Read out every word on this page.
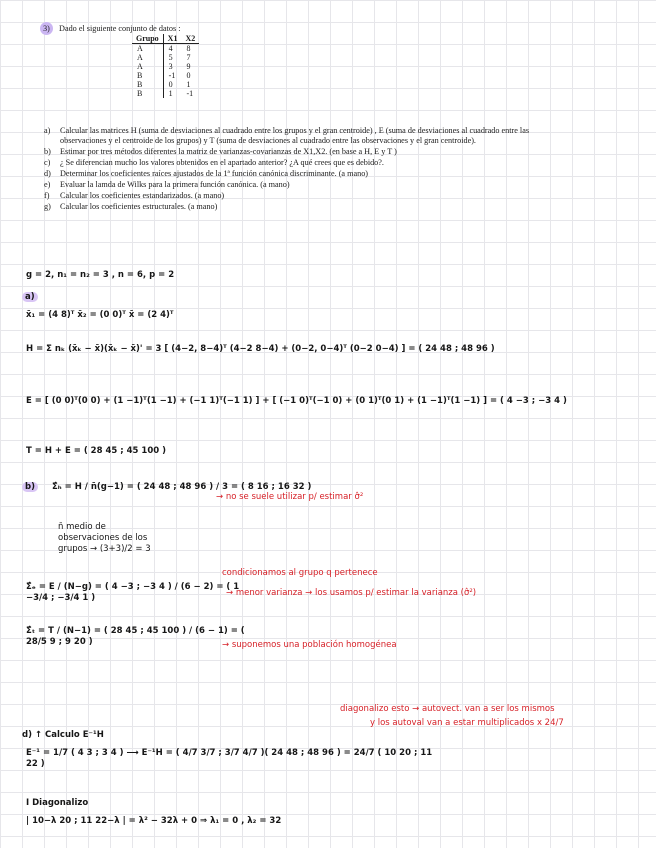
3) Dado el siguiente conjunto de datos :
Grupo	X1	X2
A	4	8
A	5	7
A	3	9
B	-1	0
B	0	1
B	1	-1
a)	Calcular las matrices H (suma de desviaciones al cuadrado entre los grupos y el gran centroide) , E (suma de desviaciones al cuadrado entre las observaciones y el centroide de los grupos) y T (suma de desviaciones al cuadrado entre las observaciones y el gran centroide).
b)	Estimar por tres métodos diferentes la matriz de varianzas-covarianzas de X1,X2. (en base a H, E y T )
c)	¿ Se diferencian mucho los valores obtenidos en el apartado anterior? ¿A qué crees que es debido?.
d)	Determinar los coeficientes raíces ajustados de la 1ª función canónica discriminante. (a mano)
e)	Evaluar la lamda de Wilks para la primera función canónica. (a mano)
f)	Calcular los coeficientes estandarizados. (a mano)
g)	Calcular los coeficientes estructurales. (a mano)
g = 2, n₁ = n₂ = 3 , n = 6, p = 2
a)
x̄₁ = (4 8)ᵀ x̄₂ = (0 0)ᵀ x̄ = (2 4)ᵀ
H = Σ nₖ (x̄ₖ − x̄)(x̄ₖ − x̄)' = 3 [ (4−2, 8−4)ᵀ (4−2 8−4) + (0−2, 0−4)ᵀ (0−2 0−4) ] = ( 24 48 ; 48 96 )
E = [ (0 0)ᵀ(0 0) + (1 −1)ᵀ(1 −1) + (−1 1)ᵀ(−1 1) ] + [ (−1 0)ᵀ(−1 0) + (0 1)ᵀ(0 1) + (1 −1)ᵀ(1 −1) ] = ( 4 −3 ; −3 4 )
T = H + E = ( 28 45 ; 45 100 )
b)	Σ̂ₕ = H / n̄(g−1) = ( 24 48 ; 48 96 ) / 3 = ( 8 16 ; 16 32 )
→ no se suele utilizar p/ estimar σ̂²
n̄ medio de observaciones de los grupos → (3+3)/2 = 3
condicionamos al grupo q pertenece
Σ̂ₑ = E / (N−g) = ( 4 −3 ; −3 4 ) / (6 − 2) = ( 1 −3/4 ; −3/4 1 )	→ menor varianza → los usamos p/ estimar la varianza (σ̂²)
Σ̂ₜ = T / (N−1) = ( 28 45 ; 45 100 ) / (6 − 1) = ( 28/5 9 ; 9 20 )	→ suponemos una población homogénea
diagonalizo esto → autovect. van a ser los mismos
y los autoval van a estar multiplicados x 24/7
d) ↑ Calculo E⁻¹H
E⁻¹ = 1/7 ( 4 3 ; 3 4 ) ⟶ E⁻¹H = ( 4/7 3/7 ; 3/7 4/7 )( 24 48 ; 48 96 ) = 24/7 ( 10 20 ; 11 22 )
I Diagonalizo
| 10−λ 20 ; 11 22−λ | = λ² − 32λ + 0 ⇒ λ₁ = 0 , λ₂ = 32
